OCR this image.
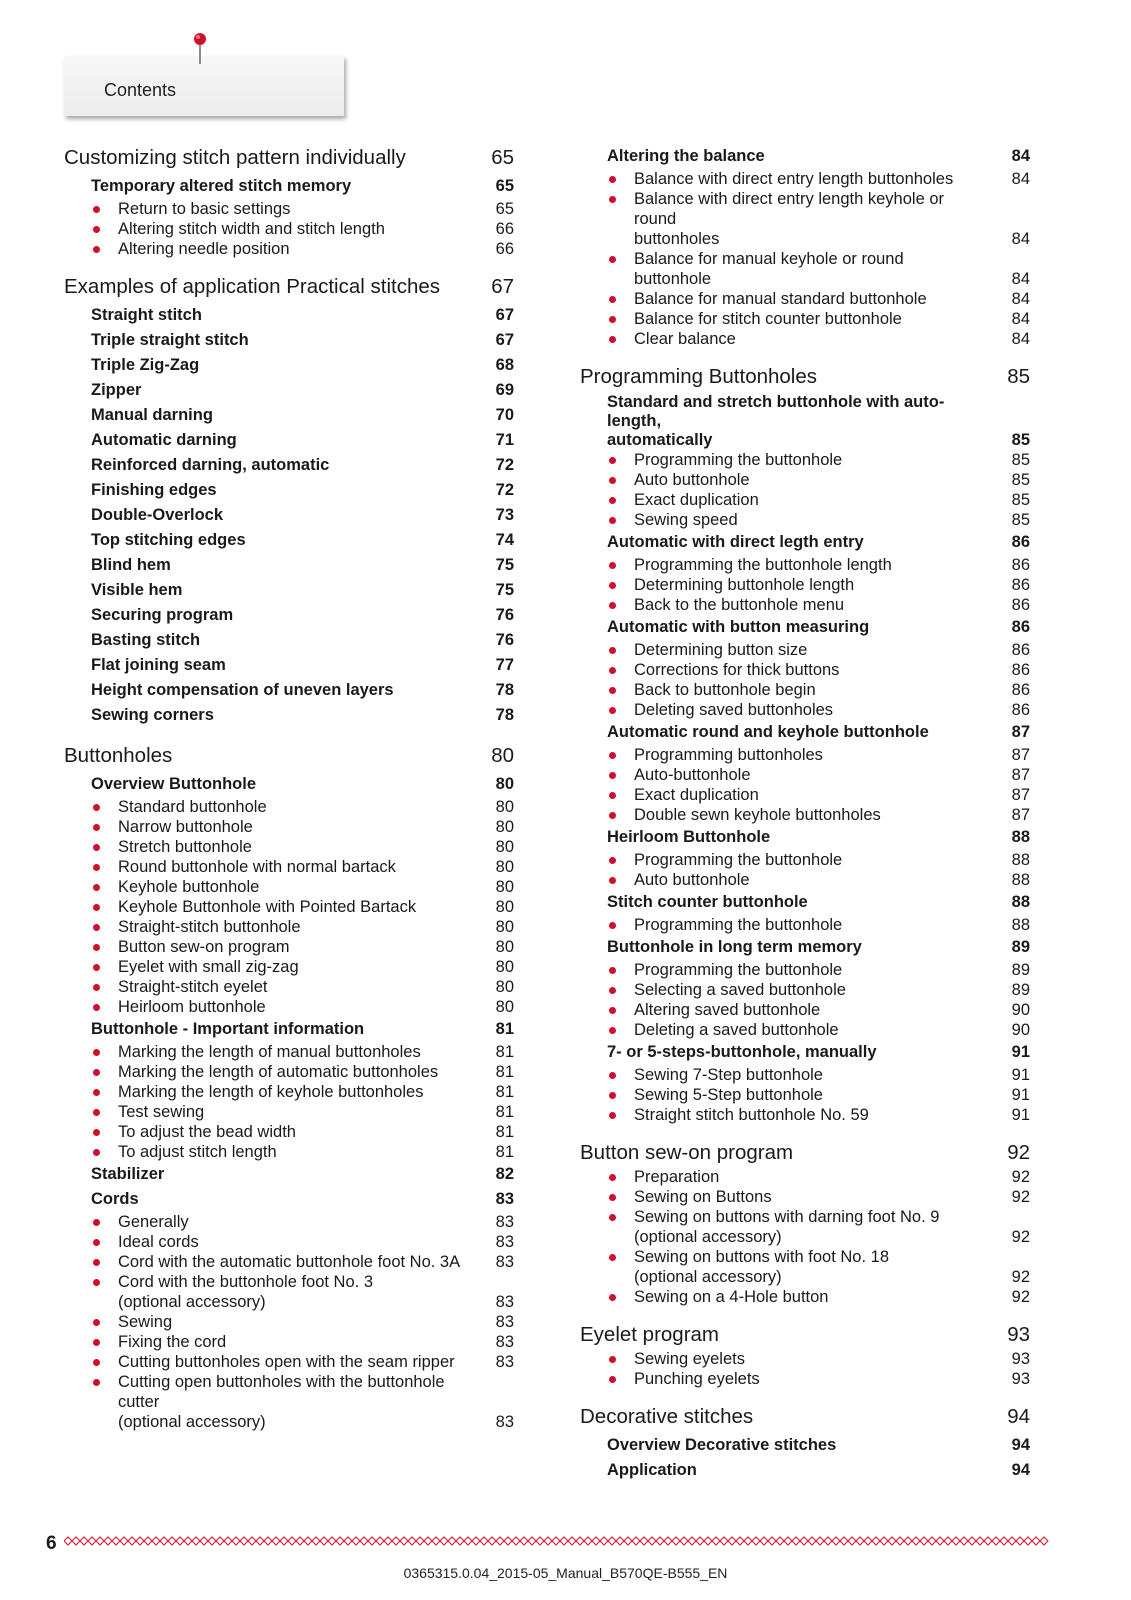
Contents
Customizing stitch pattern individually	65
Temporary altered stitch memory	65
Return to basic settings	65
Altering stitch width and stitch length	66
Altering needle position	66
Examples of application Practical stitches	67
Straight stitch	67
Triple straight stitch	67
Triple Zig-Zag	68
Zipper	69
Manual darning	70
Automatic darning	71
Reinforced darning, automatic	72
Finishing edges	72
Double-Overlock	73
Top stitching edges	74
Blind hem	75
Visible hem	75
Securing program	76
Basting stitch	76
Flat joining seam	77
Height compensation of uneven layers	78
Sewing corners	78
Buttonholes	80
Overview Buttonhole	80
Standard buttonhole	80
Narrow buttonhole	80
Stretch buttonhole	80
Round buttonhole with normal bartack	80
Keyhole buttonhole	80
Keyhole Buttonhole with Pointed Bartack	80
Straight-stitch buttonhole	80
Button sew-on program	80
Eyelet with small zig-zag	80
Straight-stitch eyelet	80
Heirloom buttonhole	80
Buttonhole - Important information	81
Marking the length of manual buttonholes	81
Marking the length of automatic buttonholes	81
Marking the length of keyhole buttonholes	81
Test sewing	81
To adjust the bead width	81
To adjust stitch length	81
Stabilizer	82
Cords	83
Generally	83
Ideal cords	83
Cord with the automatic buttonhole foot No. 3A	83
Cord with the buttonhole foot No. 3
(optional accessory)	83
Sewing	83
Fixing the cord	83
Cutting buttonholes open with the seam ripper	83
Cutting open buttonholes with the buttonhole cutter
(optional accessory)	83
Altering the balance	84
Balance with direct entry length buttonholes	84
Balance with direct entry length keyhole or round
buttonholes	84
Balance for manual keyhole or round buttonhole	84
Balance for manual standard buttonhole	84
Balance for stitch counter buttonhole	84
Clear balance	84
Programming Buttonholes	85
Standard and stretch buttonhole with auto-length,
automatically	85
Programming the buttonhole	85
Auto buttonhole	85
Exact duplication	85
Sewing speed	85
Automatic with direct legth entry	86
Programming the buttonhole length	86
Determining buttonhole length	86
Back to the buttonhole menu	86
Automatic with button measuring	86
Determining button size	86
Corrections for thick buttons	86
Back to buttonhole begin	86
Deleting saved buttonholes	86
Automatic round and keyhole buttonhole	87
Programming buttonholes	87
Auto-buttonhole	87
Exact duplication	87
Double sewn keyhole buttonholes	87
Heirloom Buttonhole	88
Programming the buttonhole	88
Auto buttonhole	88
Stitch counter buttonhole	88
Programming the buttonhole	88
Buttonhole in long term memory	89
Programming the buttonhole	89
Selecting a saved buttonhole	89
Altering saved buttonhole	90
Deleting a saved buttonhole	90
7- or 5-steps-buttonhole, manually	91
Sewing 7-Step buttonhole	91
Sewing 5-Step buttonhole	91
Straight stitch buttonhole No. 59	91
Button sew-on program	92
Preparation	92
Sewing on Buttons	92
Sewing on buttons with darning foot No. 9
(optional accessory)	92
Sewing on buttons with foot No. 18
(optional accessory)	92
Sewing on a 4-Hole button	92
Eyelet program	93
Sewing eyelets	93
Punching eyelets	93
Decorative stitches	94
Overview Decorative stitches	94
Application	94
6
0365315.0.04_2015-05_Manual_B570QE-B555_EN
